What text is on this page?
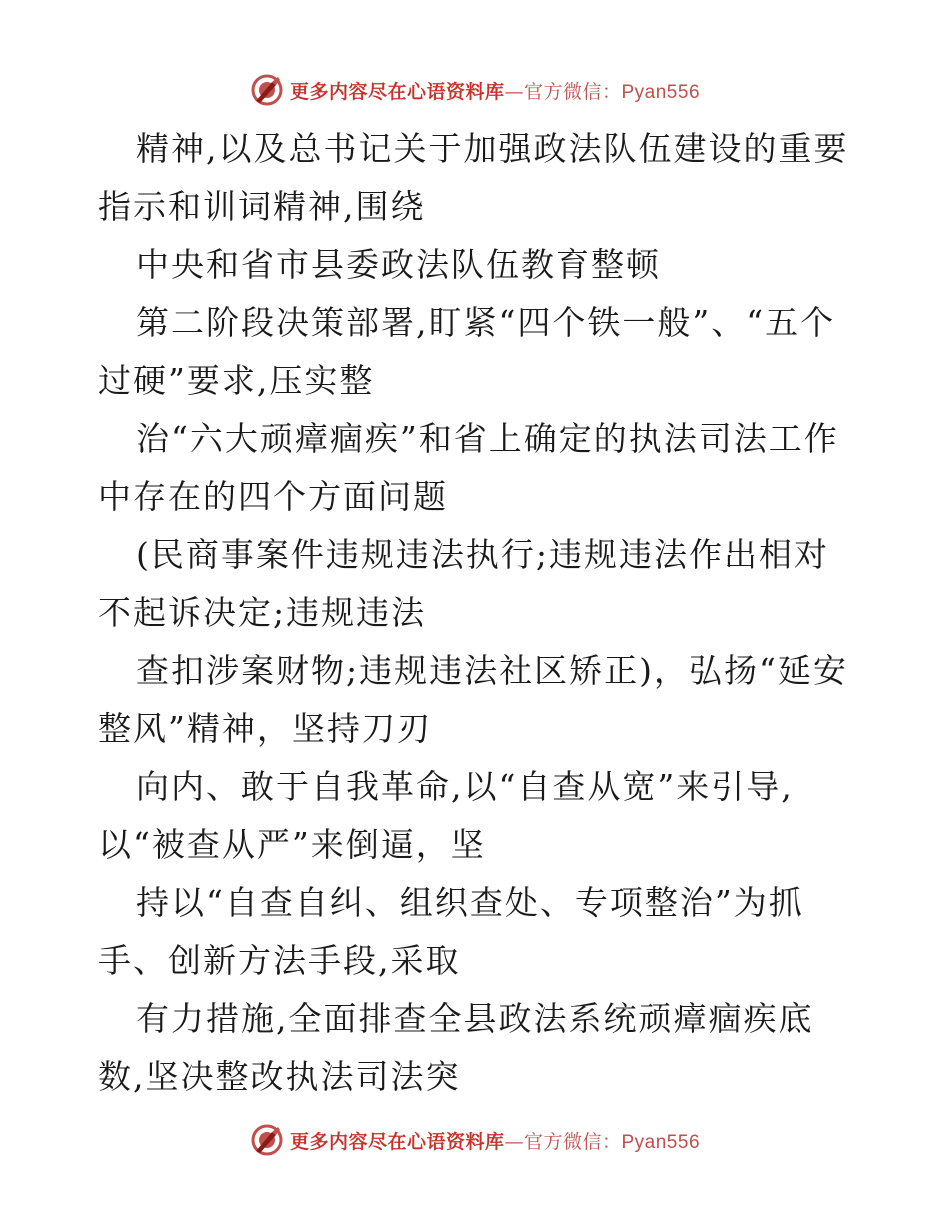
更多内容尽在心语资料库—官方微信：Pyan556

精神,以及总书记关于加强政法队伍建设的重要指示和训词精神,围绕

中央和省市县委政法队伍教育整顿

第二阶段决策部署,盯紧“四个铁一般”、“五个过硬”要求,压实整

治“六大顽瘴痼疾”和省上确定的执法司法工作中存在的四个方面问题

(民商事案件违规违法执行;违规违法作出相对不起诉决定;违规违法

查扣涉案财物;违规违法社区矫正)，弘扬“延安整风”精神，坚持刀刃

向内、敢于自我革命,以“自查从宽”来引导,以“被查从严”来倒逼，坚

持以“自查自纠、组织查处、专项整治”为抓手、创新方法手段,采取

有力措施,全面排查全县政法系统顽瘴痼疾底数,坚决整改执法司法突

更多内容尽在心语资料库—官方微信：Pyan556
